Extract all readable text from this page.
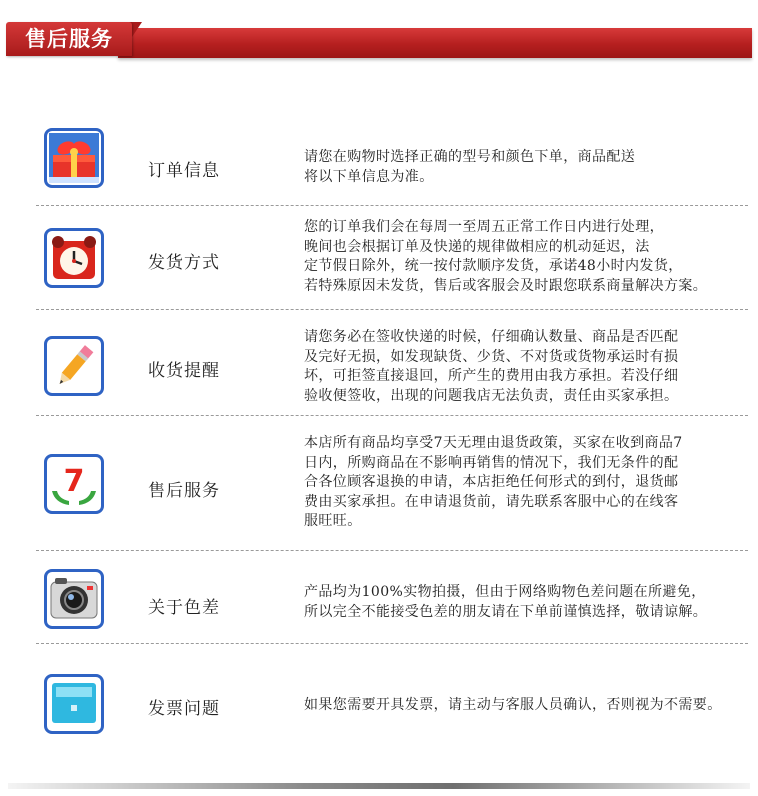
售后服务
订单信息
请您在购物时选择正确的型号和颜色下单，商品配送
将以下单信息为准。
发货方式
您的订单我们会在每周一至周五正常工作日内进行处理，
晚间也会根据订单及快递的规律做相应的机动延迟，法
定节假日除外，统一按付款顺序发货，承诺48小时内发货，
若特殊原因未发货，售后或客服会及时跟您联系商量解决方案。
收货提醒
请您务必在签收快递的时候，仔细确认数量、商品是否匹配
及完好无损，如发现缺货、少货、不对货或货物承运时有损
坏，可拒签直接退回，所产生的费用由我方承担。若没仔细
验收便签收，出现的问题我店无法负责，责任由买家承担。
7	售后服务
本店所有商品均享受7天无理由退货政策，买家在收到商品7
日内，所购商品在不影响再销售的情况下，我们无条件的配
合各位顾客退换的申请，本店拒绝任何形式的到付，退货邮
费由买家承担。在申请退货前，请先联系客服中心的在线客
服旺旺。
关于色差
产品均为100%实物拍摄，但由于网络购物色差问题在所避免，
所以完全不能接受色差的朋友请在下单前谨慎选择，敬请谅解。
发票问题	如果您需要开具发票，请主动与客服人员确认，否则视为不需要。
